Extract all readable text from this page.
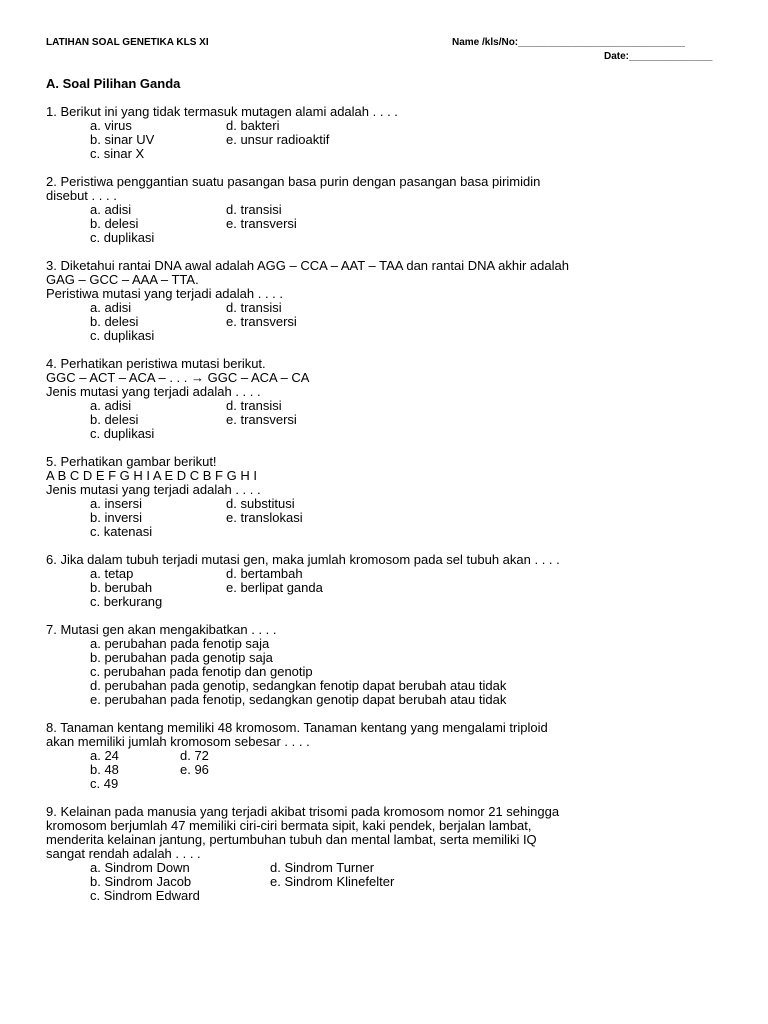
LATIHAN SOAL GENETIKA KLS XI	Name /kls/No:______________________________
Date:_______________
A. Soal Pilihan Ganda
1. Berikut ini yang tidak termasuk mutagen alami adalah . . . .
a. virus	d. bakteri
b. sinar UV	e. unsur radioaktif
c. sinar X
2. Peristiwa penggantian suatu pasangan basa purin dengan pasangan basa pirimidin
disebut . . . .
a. adisi	d. transisi
b. delesi	e. transversi
c. duplikasi
3. Diketahui rantai DNA awal adalah AGG – CCA – AAT – TAA dan rantai DNA akhir adalah
GAG – GCC – AAA – TTA.
Peristiwa mutasi yang terjadi adalah . . . .
a. adisi	d. transisi
b. delesi	e. transversi
c. duplikasi
4. Perhatikan peristiwa mutasi berikut.
GGC – ACT – ACA – . . . → GGC – ACA – CA
Jenis mutasi yang terjadi adalah . . . .
a. adisi	d. transisi
b. delesi	e. transversi
c. duplikasi
5. Perhatikan gambar berikut!
A B C D E F G H I A E D C B F G H I
Jenis mutasi yang terjadi adalah . . . .
a. insersi	d. substitusi
b. inversi	e. translokasi
c. katenasi
6. Jika dalam tubuh terjadi mutasi gen, maka jumlah kromosom pada sel tubuh akan . . . .
a. tetap	d. bertambah
b. berubah	e. berlipat ganda
c. berkurang
7. Mutasi gen akan mengakibatkan . . . .
a. perubahan pada fenotip saja
b. perubahan pada genotip saja
c. perubahan pada fenotip dan genotip
d. perubahan pada genotip, sedangkan fenotip dapat berubah atau tidak
e. perubahan pada fenotip, sedangkan genotip dapat berubah atau tidak
8. Tanaman kentang memiliki 48 kromosom. Tanaman kentang yang mengalami triploid
akan memiliki jumlah kromosom sebesar . . . .
a. 24	d. 72
b. 48	e. 96
c. 49
9. Kelainan pada manusia yang terjadi akibat trisomi pada kromosom nomor 21 sehingga
kromosom berjumlah 47 memiliki ciri-ciri bermata sipit, kaki pendek, berjalan lambat,
menderita kelainan jantung, pertumbuhan tubuh dan mental lambat, serta memiliki IQ
sangat rendah adalah . . . .
a. Sindrom Down	d. Sindrom Turner
b. Sindrom Jacob	e. Sindrom Klinefelter
c. Sindrom Edward
